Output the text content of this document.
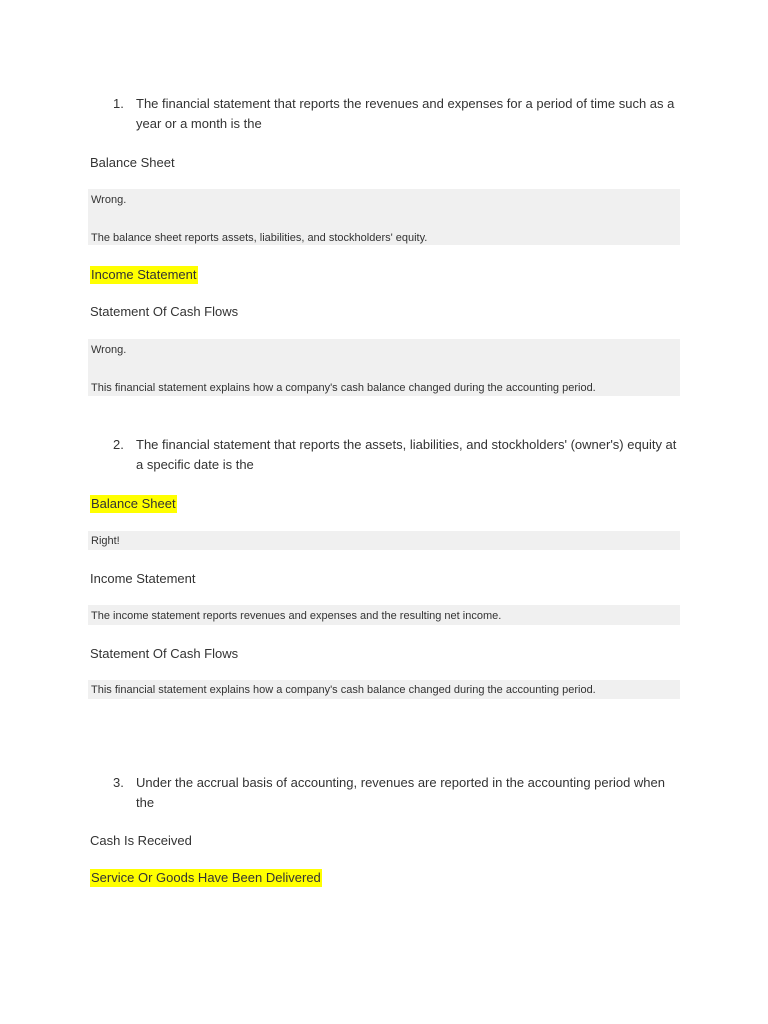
1. The financial statement that reports the revenues and expenses for a period of time such as a year or a month is the
Balance Sheet
Wrong.
The balance sheet reports assets, liabilities, and stockholders' equity.
Income Statement
Statement Of Cash Flows
Wrong.
This financial statement explains how a company's cash balance changed during the accounting period.
2. The financial statement that reports the assets, liabilities, and stockholders' (owner's) equity at a specific date is the
Balance Sheet
Right!
Income Statement
The income statement reports revenues and expenses and the resulting net income.
Statement Of Cash Flows
This financial statement explains how a company's cash balance changed during the accounting period.
3. Under the accrual basis of accounting, revenues are reported in the accounting period when the
Cash Is Received
Service Or Goods Have Been Delivered
